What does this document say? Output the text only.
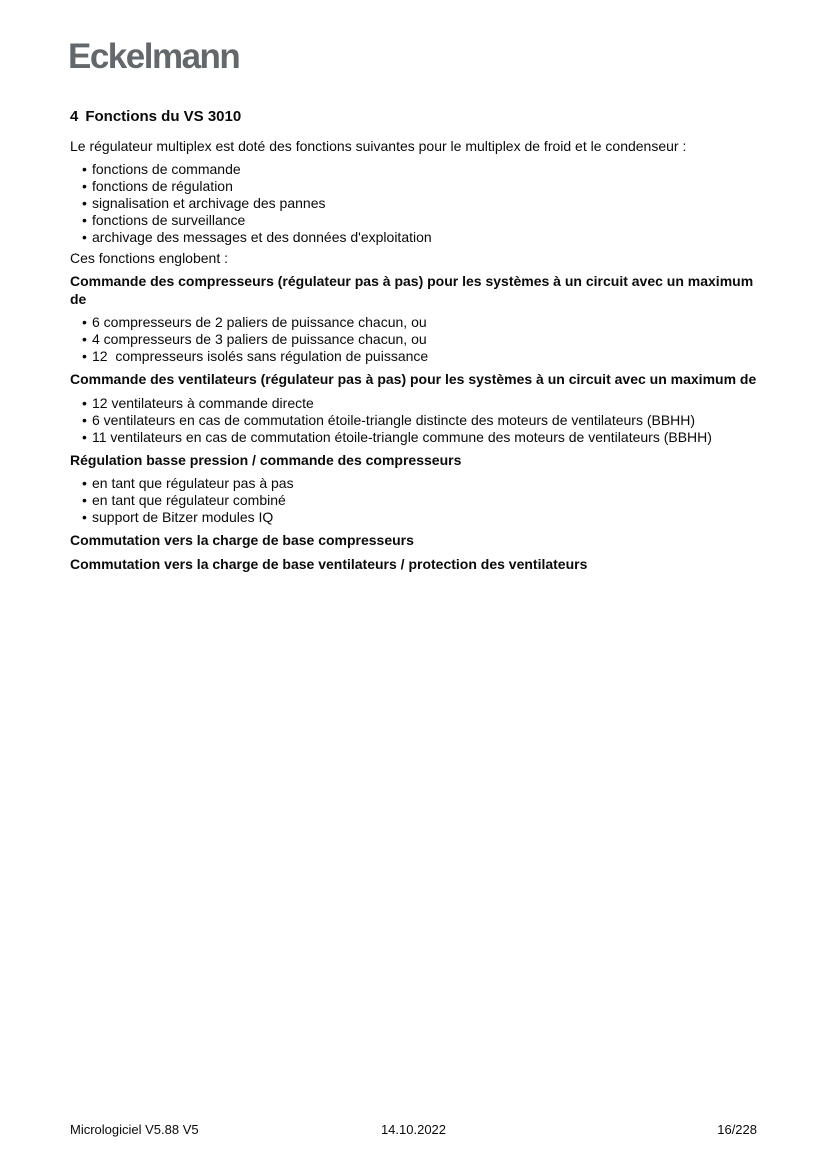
Eckelmann
4 Fonctions du VS 3010

Le régulateur multiplex est doté des fonctions suivantes pour le multiplex de froid et le condenseur :

• fonctions de commande
• fonctions de régulation
• signalisation et archivage des pannes
• fonctions de surveillance
• archivage des messages et des données d'exploitation

Ces fonctions englobent :

Commande des compresseurs (régulateur pas à pas) pour les systèmes à un circuit avec un maximum de
• 6 compresseurs de 2 paliers de puissance chacun, ou
• 4 compresseurs de 3 paliers de puissance chacun, ou
• 12  compresseurs isolés sans régulation de puissance
Commande des ventilateurs (régulateur pas à pas) pour les systèmes à un circuit avec un maximum de
• 12 ventilateurs à commande directe
• 6 ventilateurs en cas de commutation étoile-triangle distincte des moteurs de ventilateurs (BBHH)
• 11 ventilateurs en cas de commutation étoile-triangle commune des moteurs de ventilateurs (BBHH)
Régulation basse pression / commande des compresseurs
• en tant que régulateur pas à pas
• en tant que régulateur combiné
• support de Bitzer modules IQ
Commutation vers la charge de base compresseurs
Commutation vers la charge de base ventilateurs / protection des ventilateurs
Micrologiciel V5.88 V5	14.10.2022	16/228
